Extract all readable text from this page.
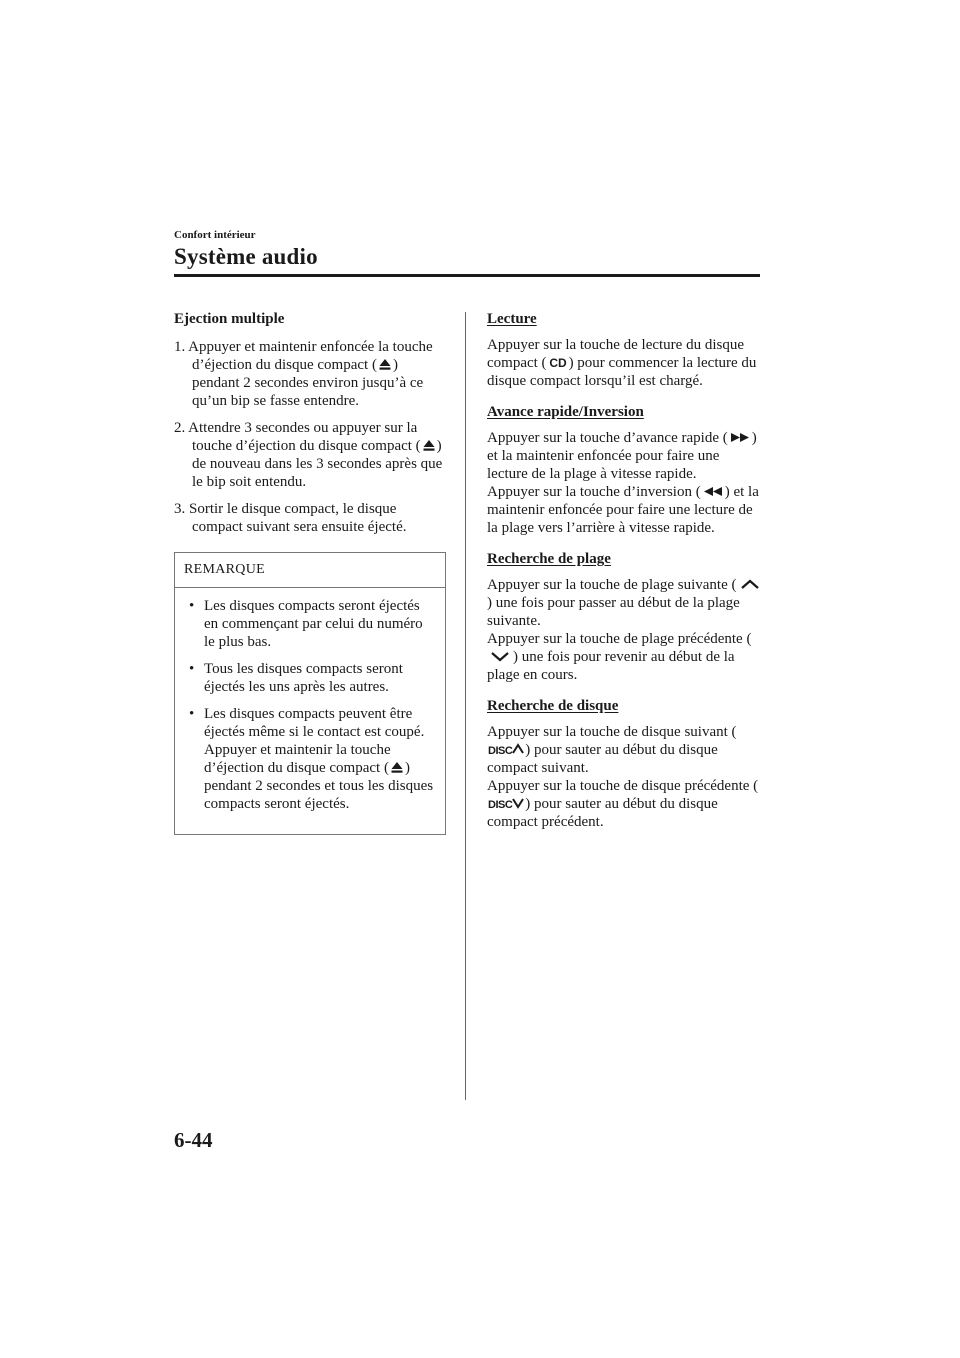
Confort intérieur
Système audio
Ejection multiple
1. Appuyer et maintenir enfoncée la touche d’éjection du disque compact ( ) pendant 2 secondes environ jusqu’à ce qu’un bip se fasse entendre.
2. Attendre 3 secondes ou appuyer sur la touche d’éjection du disque compact ( ) de nouveau dans les 3 secondes après que le bip soit entendu.
3. Sortir le disque compact, le disque compact suivant sera ensuite éjecté.
REMARQUE
• Les disques compacts seront éjectés en commençant par celui du numéro le plus bas.
• Tous les disques compacts seront éjectés les uns après les autres.
• Les disques compacts peuvent être éjectés même si le contact est coupé. Appuyer et maintenir la touche d’éjection du disque compact ( ) pendant 2 secondes et tous les disques compacts seront éjectés.
Lecture

Appuyer sur la touche de lecture du disque compact ( CD ) pour commencer la lecture du disque compact lorsqu’il est chargé.

Avance rapide/Inversion

Appuyer sur la touche d’avance rapide ( ) et la maintenir enfoncée pour faire une lecture de la plage à vitesse rapide.
Appuyer sur la touche d’inversion ( ) et la maintenir enfoncée pour faire une lecture de la plage vers l’arrière à vitesse rapide.

Recherche de plage

Appuyer sur la touche de plage suivante (
) une fois pour passer au début de la plage suivante.
Appuyer sur la touche de plage précédente (
) une fois pour revenir au début de la plage en cours.

Recherche de disque

Appuyer sur la touche de disque suivant (DISC ) pour sauter au début du disque compact suivant.
Appuyer sur la touche de disque précédente (DISC ) pour sauter au début du disque compact précédent.

6-44
